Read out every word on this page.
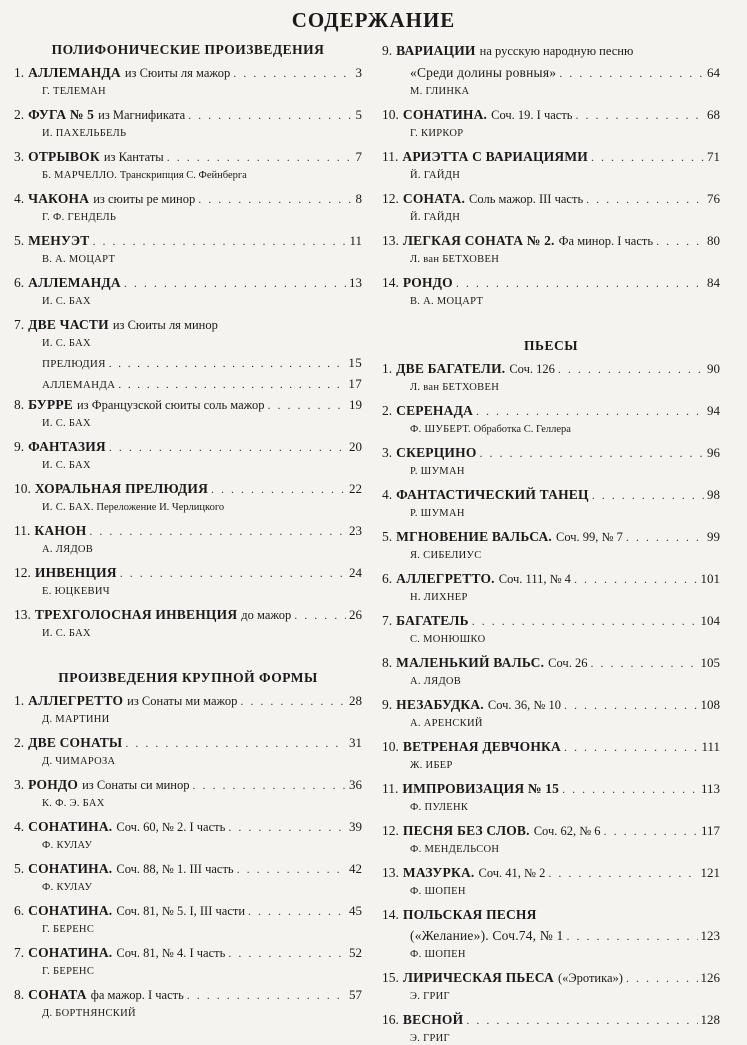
СОДЕРЖАНИЕ
ПОЛИФОНИЧЕСКИЕ ПРОИЗВЕДЕНИЯ
1. АЛЛЕМАНДА из Сюиты ля мажор . . .	3
Г. ТЕЛЕМАН
2. ФУГА № 5 из Магнификата . . .	5
И. ПАХЕЛЬБЕЛЬ
3. ОТРЫВОК из Кантаты . . .	7
Б. МАРЧЕЛЛО. Транскрипция С. Фейнберга
4. ЧАКОНА из сюиты ре минор . . .	8
Г. Ф. ГЕНДЕЛЬ
5. МЕНУЭТ . . .	11
В. А. МОЦАРТ
6. АЛЛЕМАНДА . . .	13
И. С. БАХ
7. ДВЕ ЧАСТИ из Сюиты ля минор
И. С. БАХ
ПРЕЛЮДИЯ . . .	15
АЛЛЕМАНДА . . .	17
8. БУРРЕ из Французской сюиты соль мажор . . .	19
И. С. БАХ
9. ФАНТАЗИЯ . . .	20
И. С. БАХ
10. ХОРАЛЬНАЯ ПРЕЛЮДИЯ . . .	22
И. С. БАХ. Переложение И. Черлицкого
11. КАНОН . . .	23
А. ЛЯДОВ
12. ИНВЕНЦИЯ . . .	24
Е. ЮЦКЕВИЧ
13. ТРЕХГОЛОСНАЯ ИНВЕНЦИЯ до мажор . . .	26
И. С. БАХ
ПРОИЗВЕДЕНИЯ КРУПНОЙ ФОРМЫ
1. АЛЛЕГРЕТТО из Сонаты ми мажор . . .	28
Д. МАРТИНИ
2. ДВЕ СОНАТЫ . . .	31
Д. ЧИМАРОЗА
3. РОНДО из Сонаты си минор . . .	36
К. Ф. Э. БАХ
4. СОНАТИНА. Соч. 60, № 2. I часть . . .	39
Ф. КУЛАУ
5. СОНАТИНА. Соч. 88, № 1. III часть . . .	42
Ф. КУЛАУ
6. СОНАТИНА. Соч. 81, № 5. I, III части . . .	45
Г. БЕРЕНС
7. СОНАТИНА. Соч. 81, № 4. I часть . . .	52
Г. БЕРЕНС
8. СОНАТА фа мажор. I часть . . .	57
Д. БОРТНЯНСКИЙ
9. ВАРИАЦИИ на русскую народную песню
«Среди долины ровныя» . . .	64
М. ГЛИНКА
10. СОНАТИНА. Соч. 19. I часть . . .	68
Г. КИРКОР
11. АРИЭТТА С ВАРИАЦИЯМИ . . .	71
Й. ГАЙДН
12. СОНАТА. Соль мажор. III часть . . .	76
Й. ГАЙДН
13. ЛЕГКАЯ СОНАТА № 2. Фа минор. I часть . . .	80
Л. ван БЕТХОВЕН
14. РОНДО . . .	84
В. А. МОЦАРТ
ПЬЕСЫ
1. ДВЕ БАГАТЕЛИ. Соч. 126 . . .	90
Л. ван БЕТХОВЕН
2. СЕРЕНАДА . . .	94
Ф. ШУБЕРТ. Обработка С. Геллера
3. СКЕРЦИНО . . .	96
Р. ШУМАН
4. ФАНТАСТИЧЕСКИЙ ТАНЕЦ . . .	98
Р. ШУМАН
5. МГНОВЕНИЕ ВАЛЬСА. Соч. 99, № 7 . . .	99
Я. СИБЕЛИУС
6. АЛЛЕГРЕТТО. Соч. 111, № 4 . . .	101
Н. ЛИХНЕР
7. БАГАТЕЛЬ . . .	104
С. МОНЮШКО
8. МАЛЕНЬКИЙ ВАЛЬС. Соч. 26 . . .	105
А. ЛЯДОВ
9. НЕЗАБУДКА. Соч. 36, № 10 . . .	108
А. АРЕНСКИЙ
10. ВЕТРЕНАЯ ДЕВЧОНКА . . .	111
Ж. ИБЕР
11. ИМПРОВИЗАЦИЯ № 15 . . .	113
Ф. ПУЛЕНК
12. ПЕСНЯ БЕЗ СЛОВ. Соч. 62, № 6 . . .	117
Ф. МЕНДЕЛЬСОН
13. МАЗУРКА. Соч. 41, № 2 . . .	121
Ф. ШОПЕН
14. ПОЛЬСКАЯ ПЕСНЯ
(«Желание»). Соч.74, № 1 . . .	123
Ф. ШОПЕН
15. ЛИРИЧЕСКАЯ ПЬЕСА («Эротика») . . .	126
Э. ГРИГ
16. ВЕСНОЙ . . .	128
Э. ГРИГ
